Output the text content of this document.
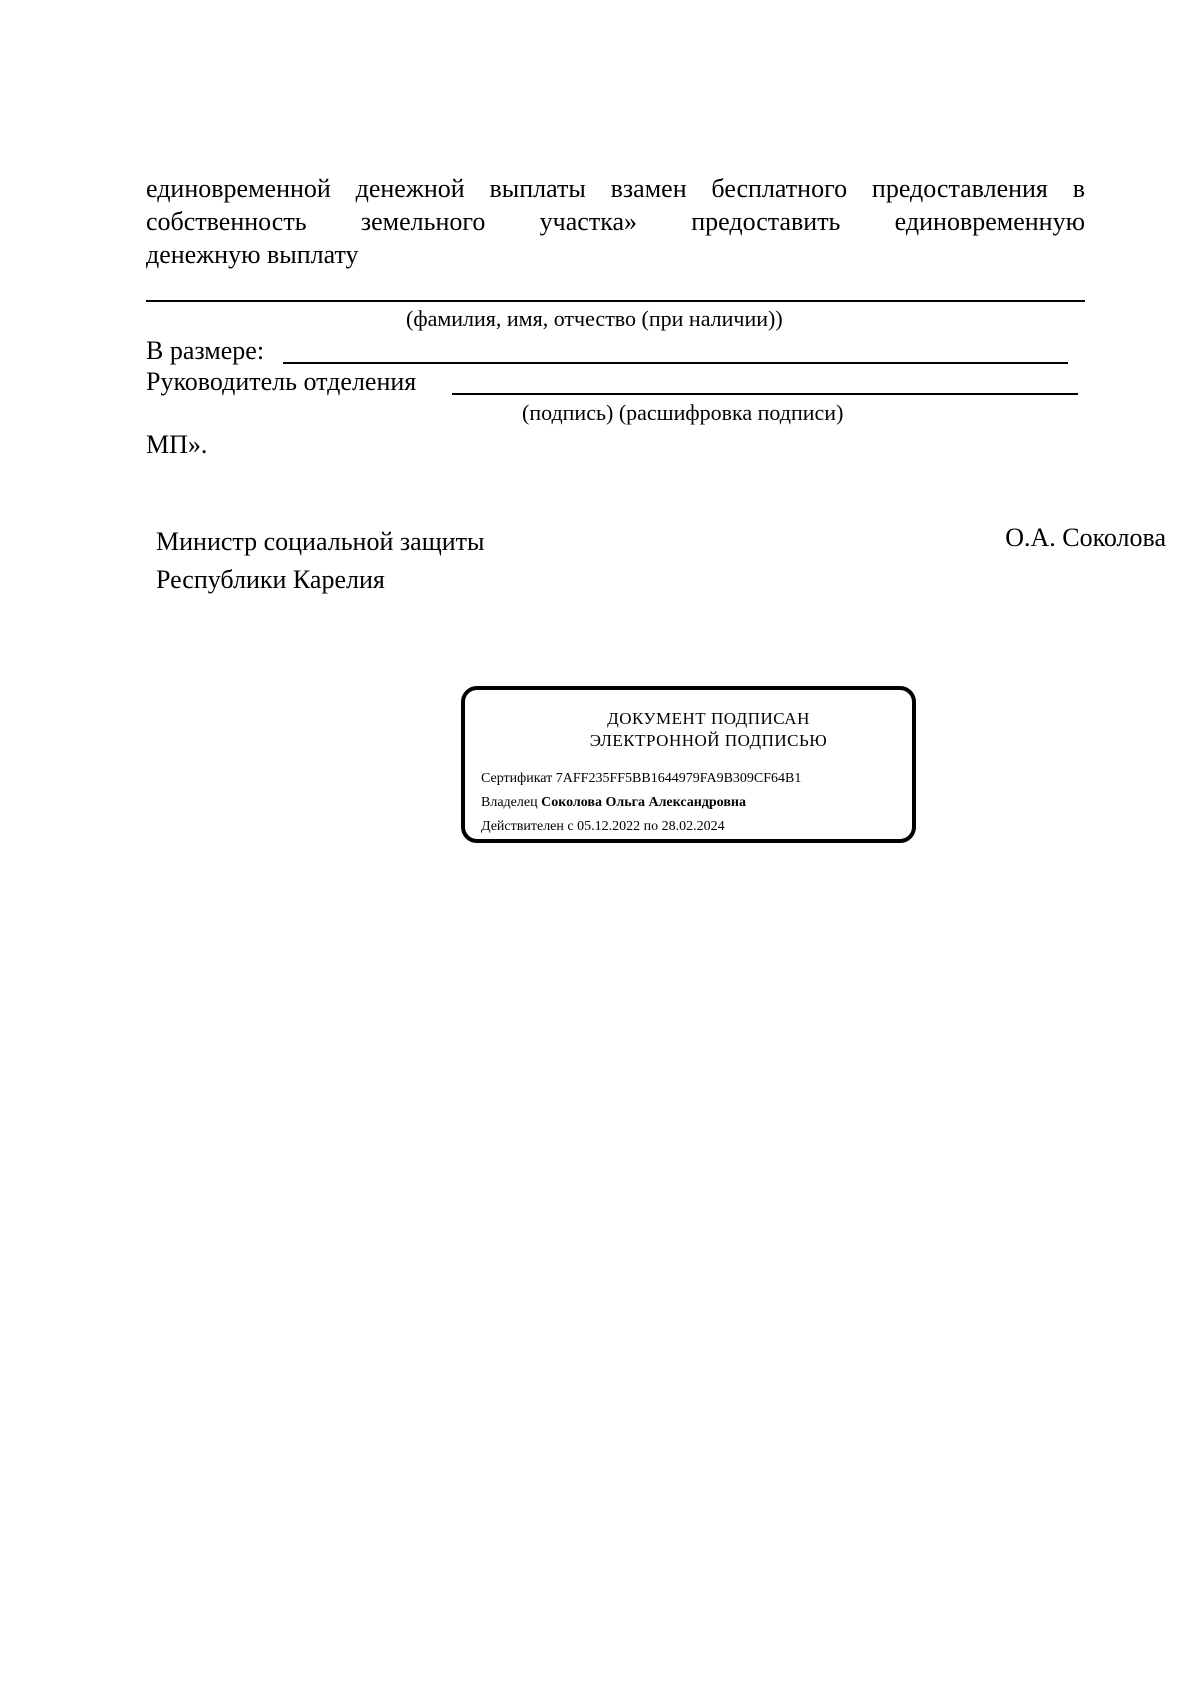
единовременной денежной выплаты взамен бесплатного предоставления в
собственность земельного участка» предоставить единовременную
денежную выплату
(фамилия, имя, отчество (при наличии))
В размере:
Руководитель отделения
(подпись) (расшифровка подписи)
МП».
Министр социальной защиты
Республики Карелия
О.А. Соколова
ДОКУМЕНТ ПОДПИСАН
ЭЛЕКТРОННОЙ ПОДПИСЬЮ
Сертификат 7AFF235FF5BB1644979FA9B309CF64B1
Владелец Соколова Ольга Александровна
Действителен с 05.12.2022 по 28.02.2024
